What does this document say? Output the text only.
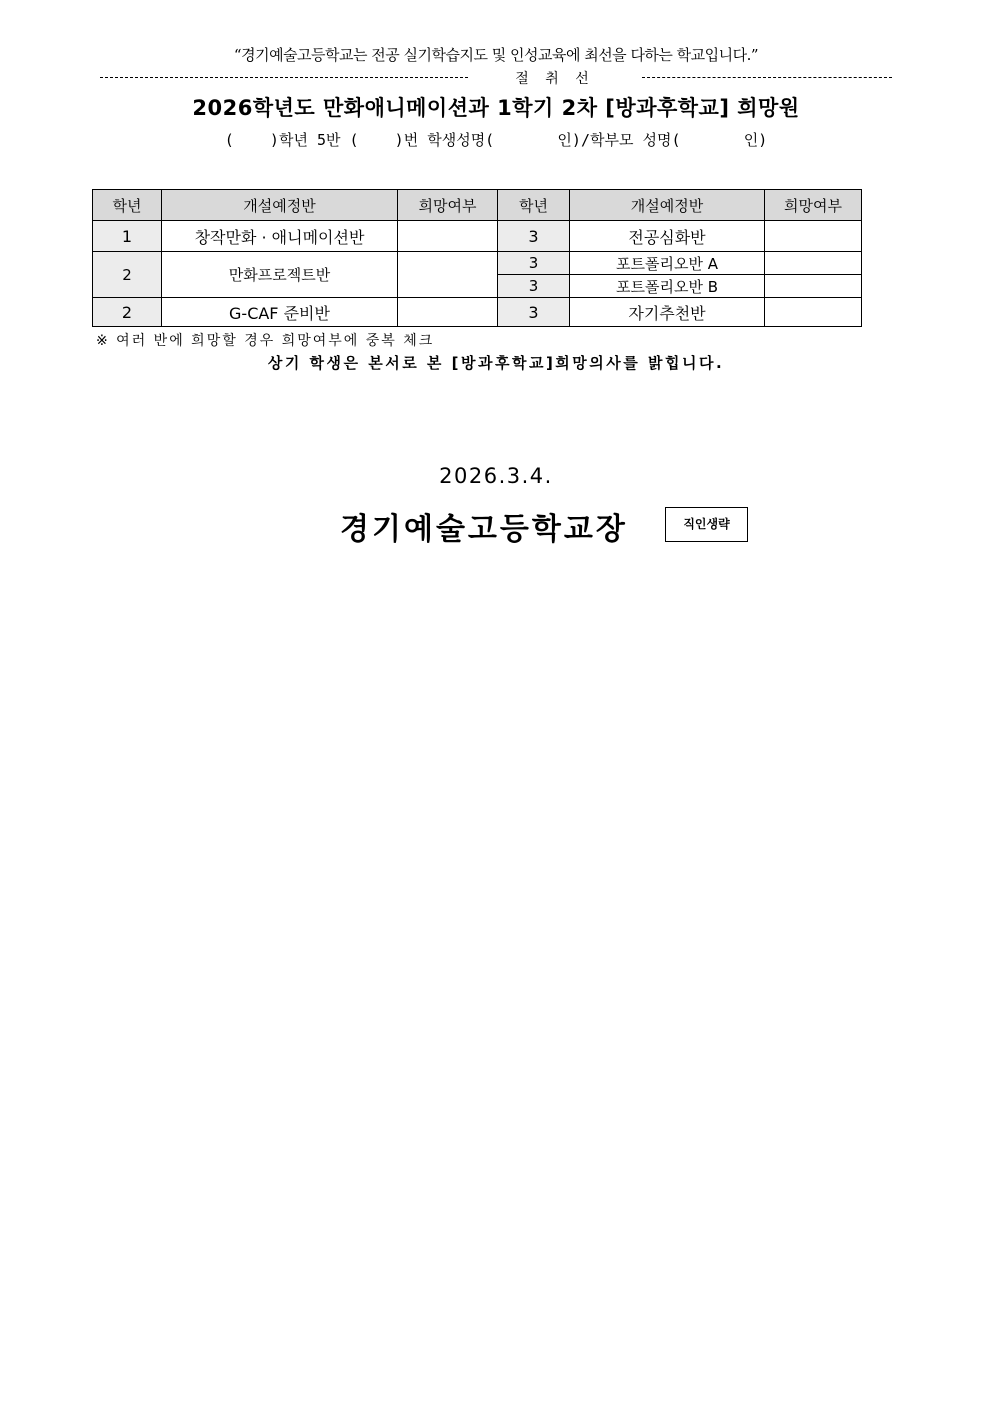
“경기예술고등학교는 전공 실기학습지도 및 인성교육에 최선을 다하는 학교입니다.”
절 취 선
2026학년도 만화애니메이션과 1학기 2차 [방과후학교] 희망원
(    )학년 5반 (    )번 학생성명(       인)/학부모 성명(       인)
학년	개설예정반	희망여부	학년	개설예정반	희망여부
1	창작만화 · 애니메이션반		3	전공심화반	
2	만화프로젝트반		3	포트폴리오반 A	
			3	포트폴리오반 B	
2	G-CAF 준비반		3	자기추천반	
※ 여러 반에 희망할 경우 희망여부에 중복 체크
상기 학생은 본서로 본 [방과후학교]희망의사를 밝힙니다.
2026.3.4.
경기예술고등학교장	직인생략
